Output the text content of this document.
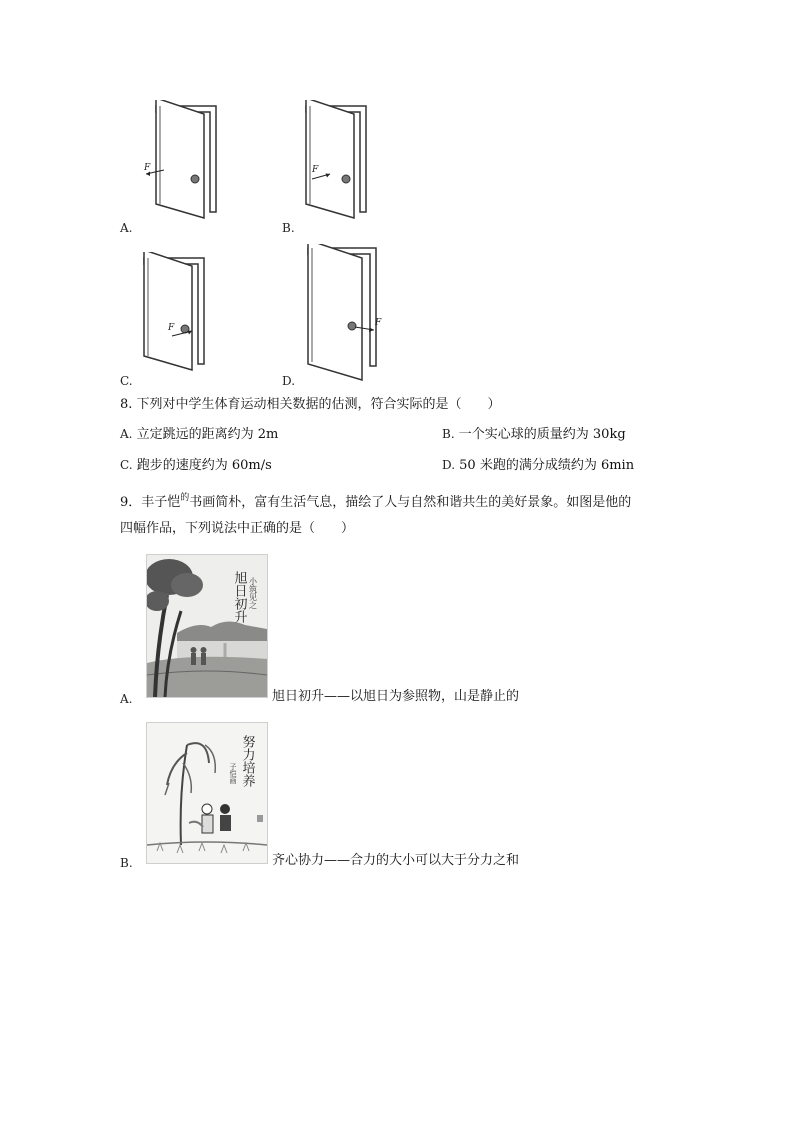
F
A.
F
B.
F
C.
F
D.
8. 下列对中学生体育运动相关数据的估测，符合实际的是（　　）
A. 立定跳远的距离约为 2m	B. 一个实心球的质量约为 30kg
C. 跑步的速度约为 60m/s	D. 50 米跑的满分成绩约为 6min
9．丰子恺$^的$书画简朴，富有生活气息，描绘了人与自然和谐共生的美好景象。如图是他的
四幅作品，下列说法中正确的是（　　）
旭日初升 小筑见之
A.	旭日初升——以旭日为参照物，山是静止的
努力培养
子恺画
B.	齐心协力——合力的大小可以大于分力之和
